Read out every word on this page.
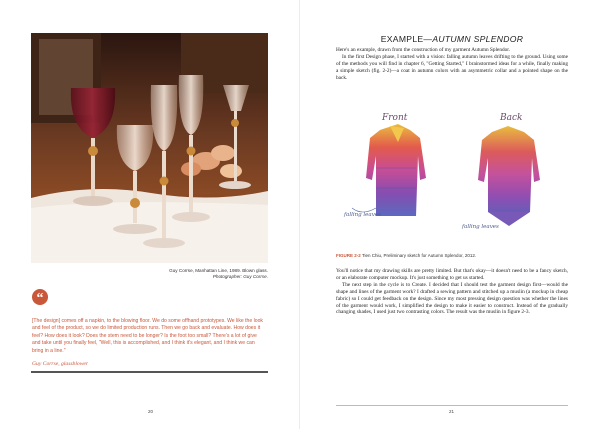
Guy Corrse, Manhattan Line, 1989. Blown glass.
Photographer: Guy Corrse.
“
[The design] comes off a napkin, to the blowing floor. We do some offhand prototypes. We like the look and feel of the product, so we do limited production runs. Then we go back and evaluate. How does it feel? How does it look? Does the stem need to be longer? Is the foot too small? There's a lot of give and take until you finally feel, "Well, this is accomplished, and I think it's elegant, and I think we can bring in a line."
Guy Corrse, glassblower
20
EXAMPLE—AUTUMN SPLENDOR

Here's an example, drawn from the construction of my garment Autumn Splendor.

In the first Design phase, I started with a vision: falling autumn leaves drifting to the ground. Using some of the methods you will find in chapter 6, "Getting Started," I brainstormed ideas for a while, finally making a simple sketch (fig. 2-2)—a coat in autumn colors with an asymmetric collar and a pointed shape on the back.

Front	Back
falling leaves
falling leaves
FIGURE 2-2 Tien Chiu, Preliminary sketch for Autumn Splendor, 2012.

You'll notice that my drawing skills are pretty limited. But that's okay—it doesn't need to be a fancy sketch, or an elaborate computer mockup. It's just something to get us started.

The next step in the cycle is to Create. I decided that I should test the garment design first—would the shape and lines of the garment work? I drafted a sewing pattern and stitched up a muslin (a mockup in cheap fabric) so I could get feedback on the design. Since my most pressing design question was whether the lines of the garment would work, I simplified the design to make it easier to construct. Instead of the gradually changing shades, I used just two contrasting colors. The result was the muslin in figure 2-3.

21
